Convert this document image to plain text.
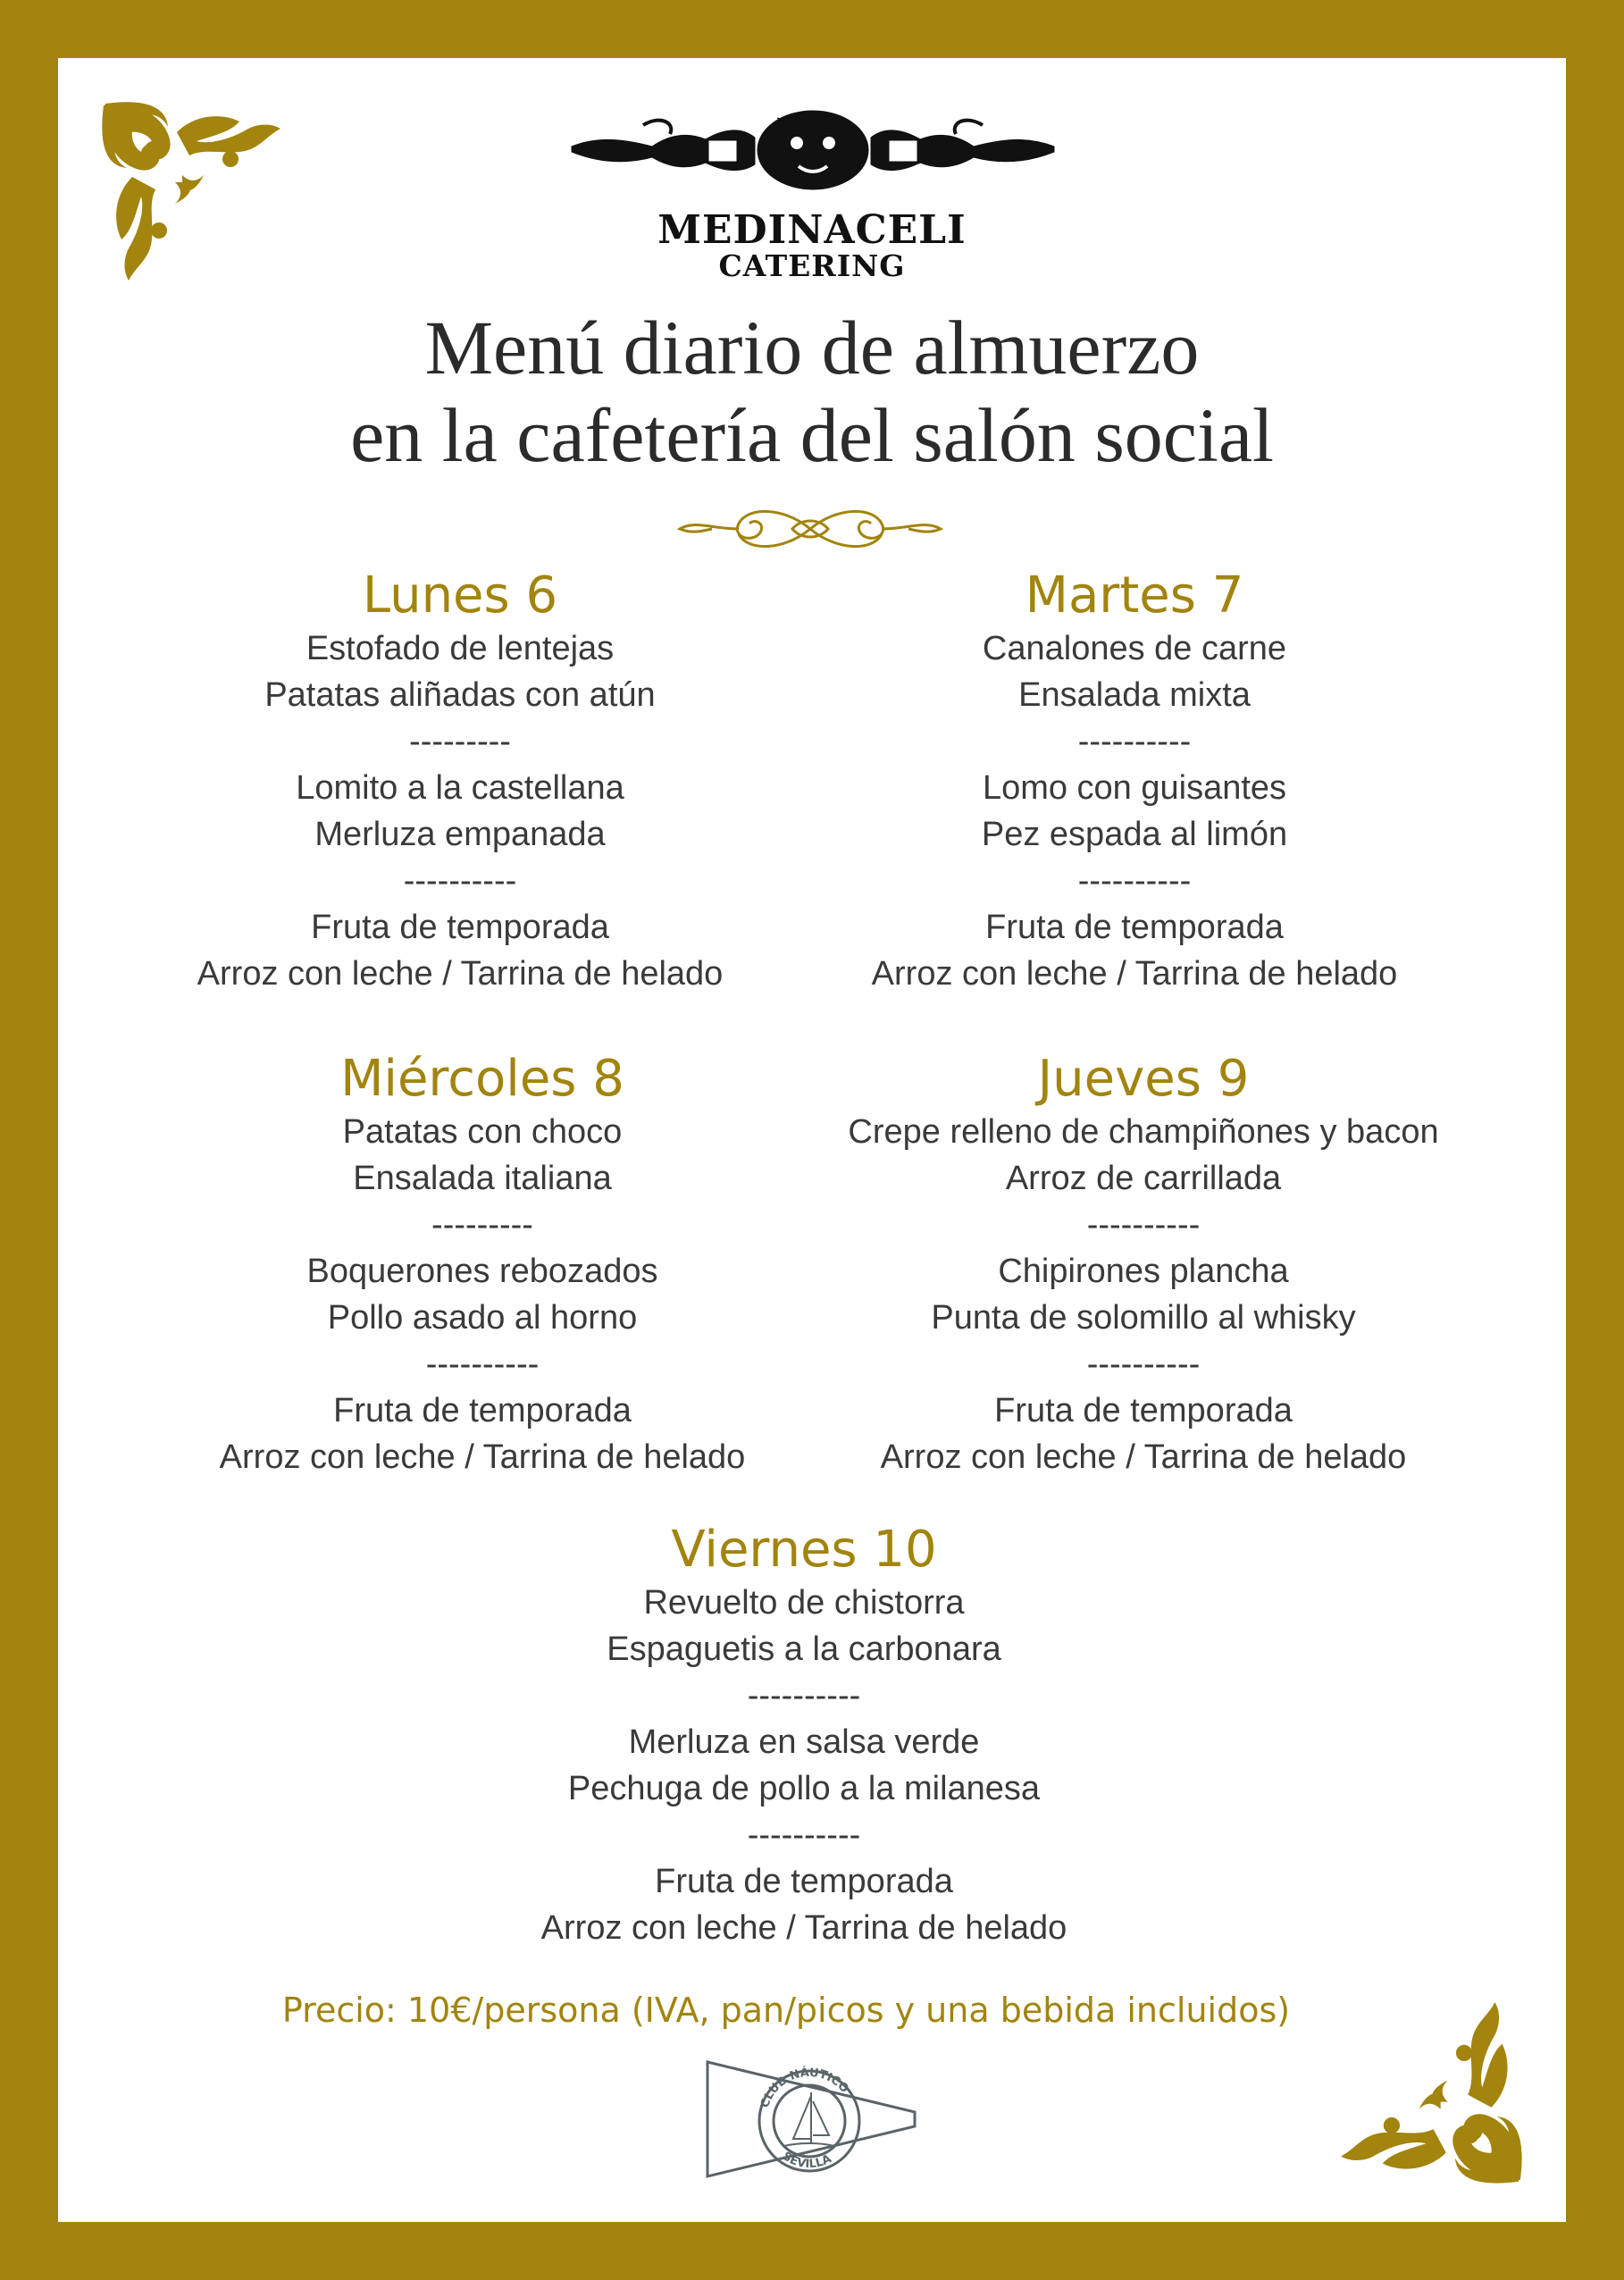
MEDINACELI
CATERING
Menú diario de almuerzo
en la cafetería del salón social
Lunes 6
Estofado de lentejas
Patatas aliñadas con atún
---------
Lomito a la castellana
Merluza empanada
----------
Fruta de temporada
Arroz con leche / Tarrina de helado
Martes 7
Canalones de carne
Ensalada mixta
----------
Lomo con guisantes
Pez espada al limón
----------
Fruta de temporada
Arroz con leche / Tarrina de helado
Miércoles 8
Patatas con choco
Ensalada italiana
---------
Boquerones rebozados
Pollo asado al horno
----------
Fruta de temporada
Arroz con leche / Tarrina de helado
Jueves 9
Crepe relleno de champiñones y bacon
Arroz de carrillada
----------
Chipirones plancha
Punta de solomillo al whisky
----------
Fruta de temporada
Arroz con leche / Tarrina de helado
Viernes 10
Revuelto de chistorra
Espaguetis a la carbonara
----------
Merluza en salsa verde
Pechuga de pollo a la milanesa
----------
Fruta de temporada
Arroz con leche / Tarrina de helado
Precio: 10€/persona (IVA, pan/picos y una bebida incluidos)
CLUB NÁUTICO
SEVILLA
